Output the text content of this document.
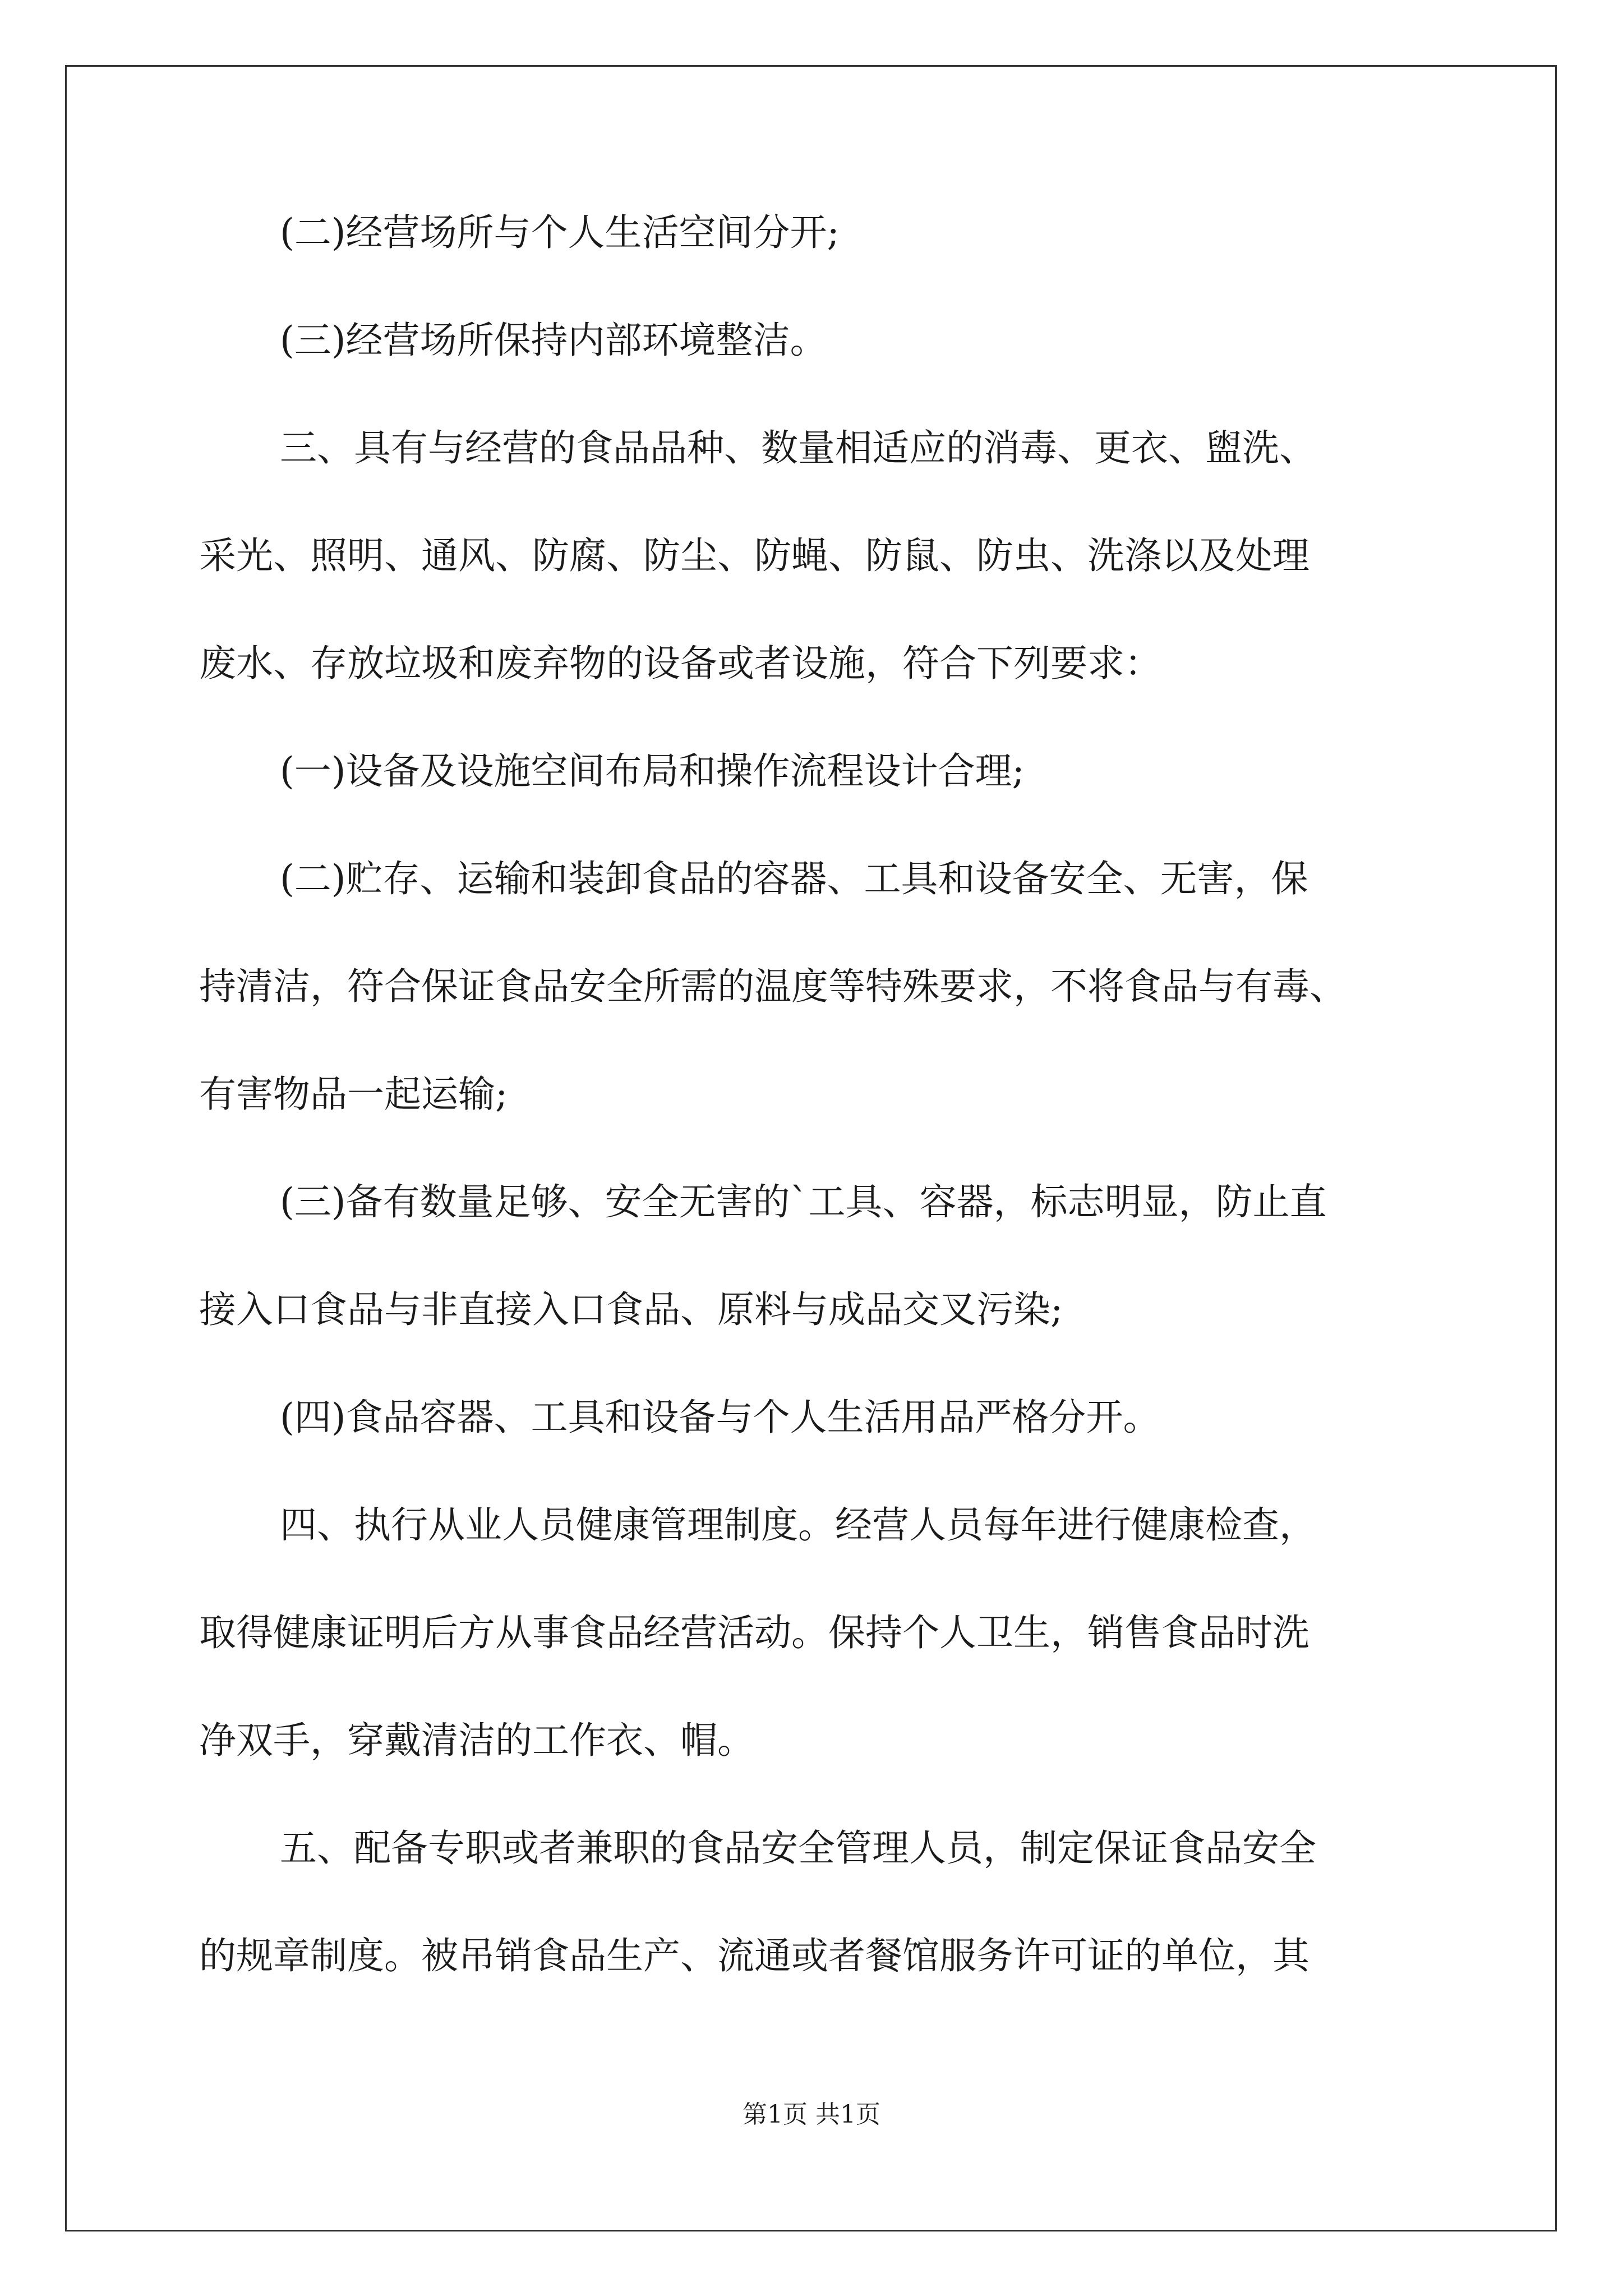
(二)经营场所与个人生活空间分开;
(三)经营场所保持内部环境整洁。
三、具有与经营的食品品种、数量相适应的消毒、更衣、盥洗、
采光、照明、通风、防腐、防尘、防蝇、防鼠、防虫、洗涤以及处理
废水、存放垃圾和废弃物的设备或者设施，符合下列要求：
(一)设备及设施空间布局和操作流程设计合理;
(二)贮存、运输和装卸食品的容器、工具和设备安全、无害，保
持清洁，符合保证食品安全所需的温度等特殊要求，不将食品与有毒、
有害物品一起运输;
(三)备有数量足够、安全无害的`工具、容器，标志明显，防止直
接入口食品与非直接入口食品、原料与成品交叉污染;
(四)食品容器、工具和设备与个人生活用品严格分开。
四、执行从业人员健康管理制度。经营人员每年进行健康检查，
取得健康证明后方从事食品经营活动。保持个人卫生，销售食品时洗
净双手，穿戴清洁的工作衣、帽。
五、配备专职或者兼职的食品安全管理人员，制定保证食品安全
的规章制度。被吊销食品生产、流通或者餐馆服务许可证的单位，其
第1页 共1页
